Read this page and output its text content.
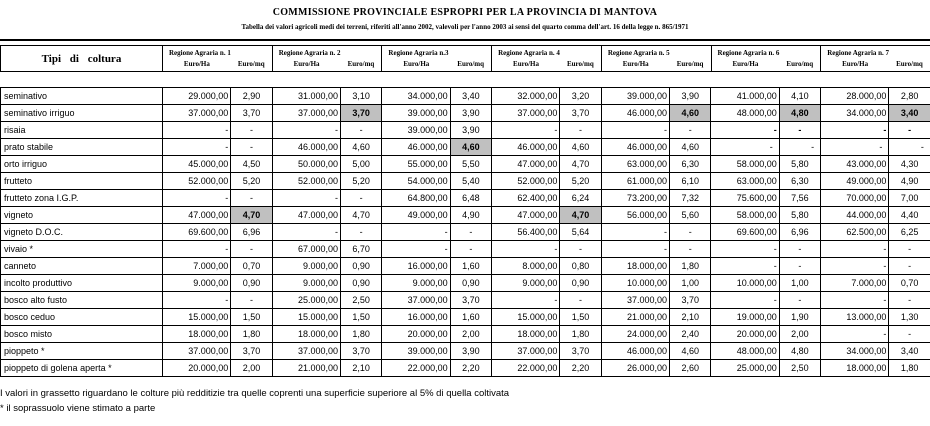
COMMISSIONE PROVINCIALE ESPROPRI PER LA PROVINCIA DI MANTOVA
Tabella dei valori agricoli medi dei terreni, riferiti all'anno 2002, valevoli per l'anno 2003 ai sensi del quarto comma dell'art. 16 della legge n. 865/1971
Tipi di coltura	Regione Agraria n. 1		Regione Agraria n. 2		Regione Agraria n.3		Regione Agraria n. 4		Regione Agraria n. 5		Regione Agraria n. 6		Regione Agraria n. 7	
	Euro/Ha	Euro/mq	Euro/Ha	Euro/mq	Euro/Ha	Euro/mq	Euro/Ha	Euro/mq	Euro/Ha	Euro/mq	Euro/Ha	Euro/mq	Euro/Ha	Euro/mq
seminativo	29.000,00	2,90	31.000,00	3,10	34.000,00	3,40	32.000,00	3,20	39.000,00	3,90	41.000,00	4,10	28.000,00	2,80
seminativo irriguo	37.000,00	3,70	37.000,00	3,70	39.000,00	3,90	37.000,00	3,70	46.000,00	4,60	48.000,00	4,80	34.000,00	3,40
risaia	-	-	-	-	39.000,00	3,90	-	-	-	-	-	-	-	-
prato stabile	-	-	46.000,00	4,60	46.000,00	4,60	46.000,00	4,60	46.000,00	4,60	-	-	-	-
orto irriguo	45.000,00	4,50	50.000,00	5,00	55.000,00	5,50	47.000,00	4,70	63.000,00	6,30	58.000,00	5,80	43.000,00	4,30
frutteto	52.000,00	5,20	52.000,00	5,20	54.000,00	5,40	52.000,00	5,20	61.000,00	6,10	63.000,00	6,30	49.000,00	4,90
frutteto zona I.G.P.	-	-	-	-	64.800,00	6,48	62.400,00	6,24	73.200,00	7,32	75.600,00	7,56	70.000,00	7,00
vigneto	47.000,00	4,70	47.000,00	4,70	49.000,00	4,90	47.000,00	4,70	56.000,00	5,60	58.000,00	5,80	44.000,00	4,40
vigneto D.O.C.	69.600,00	6,96	-	-	-	-	56.400,00	5,64	-	-	69.600,00	6,96	62.500,00	6,25
vivaio *	-	-	67.000,00	6,70	-	-	-	-	-	-	-	-	-	-
canneto	7.000,00	0,70	9.000,00	0,90	16.000,00	1,60	8.000,00	0,80	18.000,00	1,80	-	-	-	-
incolto produttivo	9.000,00	0,90	9.000,00	0,90	9.000,00	0,90	9.000,00	0,90	10.000,00	1,00	10.000,00	1,00	7.000,00	0,70
bosco alto fusto	-	-	25.000,00	2,50	37.000,00	3,70	-	-	37.000,00	3,70	-	-	-	-
bosco ceduo	15.000,00	1,50	15.000,00	1,50	16.000,00	1,60	15.000,00	1,50	21.000,00	2,10	19.000,00	1,90	13.000,00	1,30
bosco misto	18.000,00	1,80	18.000,00	1,80	20.000,00	2,00	18.000,00	1,80	24.000,00	2,40	20.000,00	2,00	-	-
pioppeto *	37.000,00	3,70	37.000,00	3,70	39.000,00	3,90	37.000,00	3,70	46.000,00	4,60	48.000,00	4,80	34.000,00	3,40
pioppeto di golena aperta *	20.000,00	2,00	21.000,00	2,10	22.000,00	2,20	22.000,00	2,20	26.000,00	2,60	25.000,00	2,50	18.000,00	1,80
I valori in grassetto riguardano le colture più redditizie tra quelle coprenti una superficie superiore al 5% di quella coltivata
* il soprassuolo viene stimato a parte
